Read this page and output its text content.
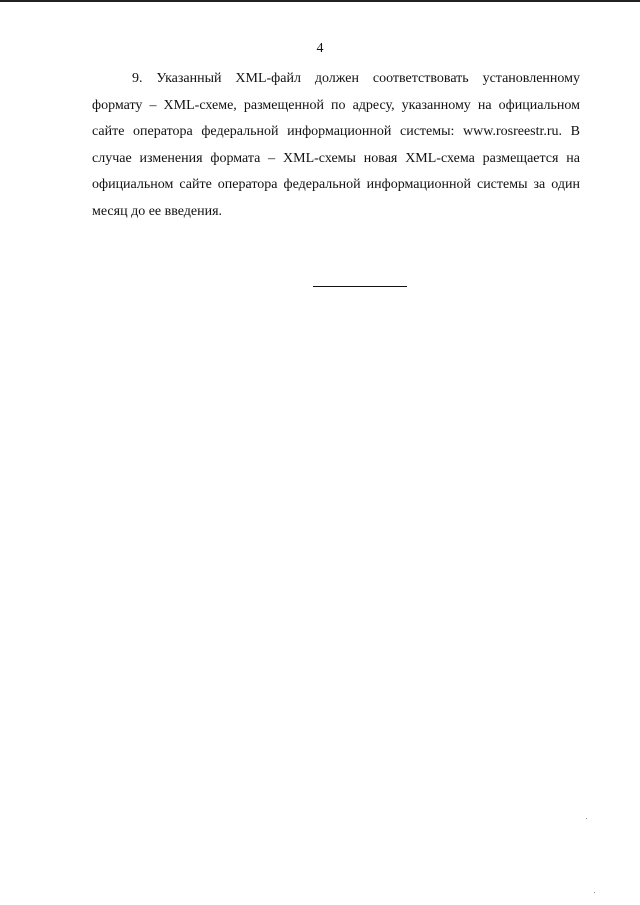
4

9. Указанный XML-файл должен соответствовать установленному формату – XML-схеме, размещенной по адресу, указанному на официальном сайте оператора федеральной информационной системы: www.rosreestr.ru. В случае изменения формата – XML-схемы новая XML-схема размещается на официальном сайте оператора федеральной информационной системы за один месяц до ее введения.
